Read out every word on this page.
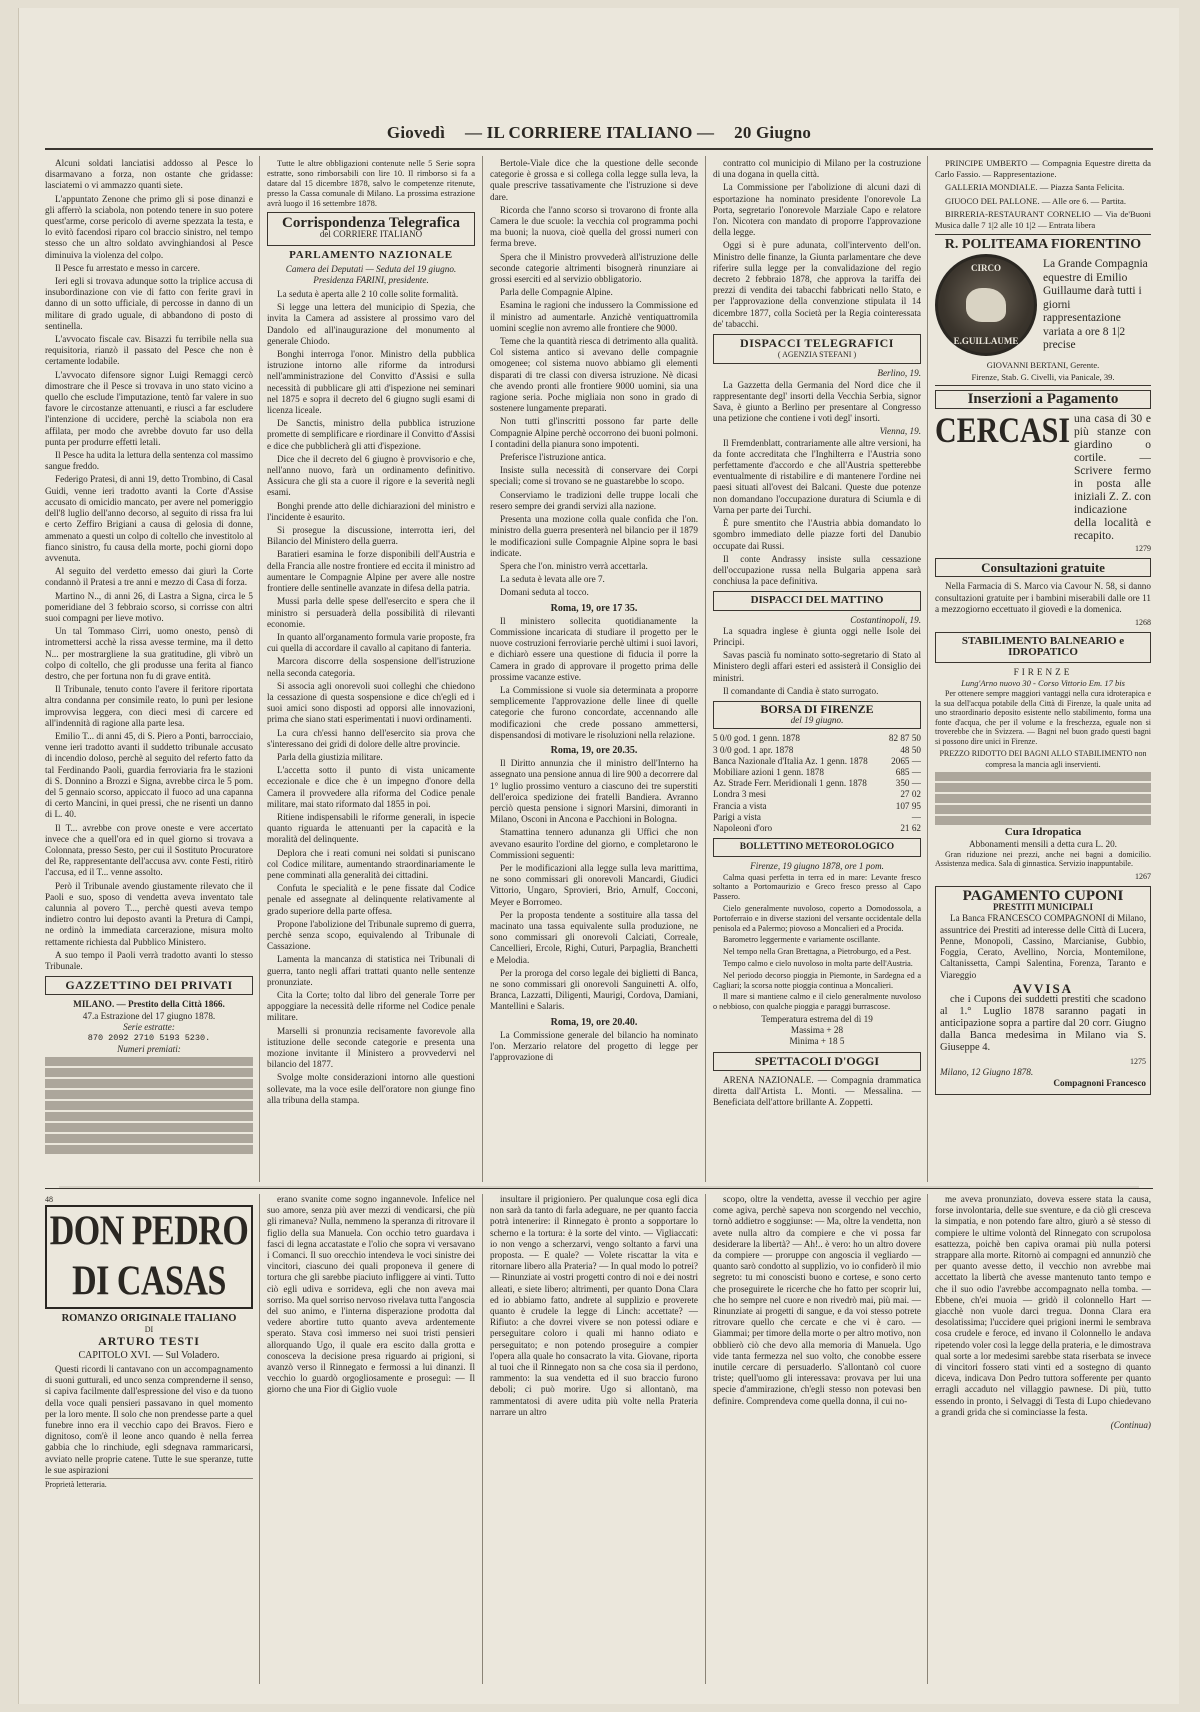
Giovedì — IL CORRIERE ITALIANO — 20 Giugno

Alcuni soldati lanciatisi addosso al Pesce lo disarmavano a forza, non ostante che gridasse: lasciatemi o vi ammazzo quanti siete.

L'appuntato Zenone che primo gli si pose dinanzi e gli afferrò la sciabola, non potendo tenere in suo potere quest'arme, corse pericolo di averne spezzata la testa, e lo evitò facendosi riparo col braccio sinistro, nel tempo stesso che un altro soldato avvinghiandosi al Pesce diminuiva la violenza del colpo.

Il Pesce fu arrestato e messo in carcere.

Ieri egli si trovava adunque sotto la triplice accusa di insubordinazione con vie di fatto con ferite gravi in danno di un sotto ufficiale, di percosse in danno di un militare di grado uguale, di abbandono di posto di sentinella.

L'avvocato fiscale cav. Bisazzi fu terribile nella sua requisitoria, rianzò il passato del Pesce che non è certamente lodabile.

L'avvocato difensore signor Luigi Remaggi cercò dimostrare che il Pesce si trovava in uno stato vicino a quello che esclude l'imputazione, tentò far valere in suo favore le circostanze attenuanti, e riuscì a far escludere l'intenzione di uccidere, perchè la sciabola non era affilata, per modo che avrebbe dovuto far uso della punta per produrre effetti letali.

Il Pesce ha udita la lettura della sentenza col massimo sangue freddo.

Federigo Pratesi, di anni 19, detto Trombino, di Casal Guidi, venne ieri tradotto avanti la Corte d'Assise accusato di omicidio mancato, per avere nel pomeriggio dell'8 luglio dell'anno decorso, al seguito di rissa fra lui e certo Zeffiro Brigiani a causa di gelosia di donne, ammenato a questi un colpo di coltello che investitolo al fianco sinistro, fu causa della morte, pochi giorni dopo avvenuta.

Al seguito del verdetto emesso dai giurì la Corte condannò il Pratesi a tre anni e mezzo di Casa di forza.

Martino N.., di anni 26, di Lastra a Signa, circa le 5 pomeridiane del 3 febbraio scorso, si corrisse con altri suoi compagni per lieve motivo.

Un tal Tommaso Cirri, uomo onesto, pensò di intromettersi acchè la rissa avesse termine, ma il detto N... per mostrargliene la sua gratitudine, gli vibrò un colpo di coltello, che gli produsse una ferita al fianco destro, che per fortuna non fu di grave entità.

Il Tribunale, tenuto conto l'avere il feritore riportata altra condanna per consimile reato, lo punì per lesione improvvisa leggera, con dieci mesi di carcere ed all'indennità di ragione alla parte lesa.

Emilio T... di anni 45, di S. Piero a Ponti, barrocciaio, venne ieri tradotto avanti il suddetto tribunale accusato di incendio doloso, perchè al seguito del referto fatto da tal Ferdinando Paoli, guardia ferroviaria fra le stazioni di S. Donnino a Brozzi e Signa, avrebbe circa le 5 pom. del 5 gennaio scorso, appiccato il fuoco ad una capanna di certo Mancini, in quei pressi, che ne risentì un danno di L. 40.

Il T... avrebbe con prove oneste e vere accertato invece che a quell'ora ed in quel giorno si trovava a Colonnata, presso Sesto, per cui il Sostituto Procuratore del Re, rappresentante dell'accusa avv. conte Festi, ritirò l'accusa, ed il T... venne assolto.

Però il Tribunale avendo giustamente rilevato che il Paoli e suo, sposo di vendetta aveva inventato tale calunnia al povero T..., perchè questi aveva tempo indietro contro lui deposto avanti la Pretura di Campi, ne ordinò la immediata carcerazione, misura molto rettamente richiesta dal Pubblico Ministero.

A suo tempo il Paoli verrà tradotto avanti lo stesso Tribunale.

GAZZETTINO DEI PRIVATI
MILANO. — Prestito della Città 1866.
47.a Estrazione del 17 giugno 1878.
Serie estratte:
870 2092 2710 5193 5230.
Numeri premiati:

Tutte le altre obbligazioni contenute nelle 5 Serie sopra estratte, sono rimborsabili con lire 10. Il rimborso si fa a datare dal 15 dicembre 1878, salvo le competenze ritenute, presso la Cassa comunale di Milano. La prossima estrazione avrà luogo il 16 settembre 1878.

Corrispondenza Telegrafica
del CORRIERE ITALIANO
PARLAMENTO NAZIONALE
Camera dei Deputati — Seduta del 19 giugno.
Presidenza FARINI, presidente.

La seduta è aperta alle 2 10 colle solite formalità.

Si legge una lettera del municipio di Spezia, che invita la Camera ad assistere al prossimo varo del Dandolo ed all'inaugurazione del monumento al generale Chiodo.

Bonghi interroga l'onor. Ministro della pubblica istruzione intorno alle riforme da introdursi nell'amministrazione del Convitto d'Assisi e sulla necessità di pubblicare gli atti d'ispezione nei seminari nel 1875 e sopra il decreto del 6 giugno sugli esami di licenza liceale.

De Sanctis, ministro della pubblica istruzione promette di semplificare e riordinare il Convitto d'Assisi e dice che pubblicherà gli atti d'ispezione.

Dice che il decreto del 6 giugno è provvisorio e che, nell'anno nuovo, farà un ordinamento definitivo. Assicura che gli sta a cuore il rigore e la severità negli esami.

Bonghi prende atto delle dichiarazioni del ministro e l'incidente è esaurito.

Si prosegue la discussione, interrotta ieri, del Bilancio del Ministero della guerra.

Baratieri esamina le forze disponibili dell'Austria e della Francia alle nostre frontiere ed eccita il ministro ad aumentare le Compagnie Alpine per avere alle nostre frontiere delle sentinelle avanzate in difesa della patria.

Mussi parla delle spese dell'esercito e spera che il ministro si persuaderà della possibilità di rilevanti economie.

In quanto all'organamento formula varie proposte, fra cui quella di accordare il cavallo al capitano di fanteria.

Marcora discorre della sospensione dell'istruzione nella seconda categoria.

Si associa agli onorevoli suoi colleghi che chiedono la cessazione di questa sospensione e dice ch'egli ed i suoi amici sono disposti ad opporsi alle innovazioni, prima che siano stati esperimentati i nuovi ordinamenti.

La cura ch'essi hanno dell'esercito sia prova che s'interessano dei gridi di dolore delle altre provincie.

Parla della giustizia militare.

L'accetta sotto il punto di vista unicamente eccezionale e dice che è un impegno d'onore della Camera il provvedere alla riforma del Codice penale militare, mai stato riformato dal 1855 in poi.

Ritiene indispensabili le riforme generali, in ispecie quanto riguarda le attenuanti per la capacità e la moralità del delinquente.

Deplora che i reati comuni nei soldati si puniscano col Codice militare, aumentando straordinariamente le pene comminati alla generalità dei cittadini.

Confuta le specialità e le pene fissate dal Codice penale ed assegnate al delinquente relativamente al grado superiore della parte offesa.

Propone l'abolizione del Tribunale supremo di guerra, perchè senza scopo, equivalendo al Tribunale di Cassazione.

Lamenta la mancanza di statistica nei Tribunali di guerra, tanto negli affari trattati quanto nelle sentenze pronunziate.

Cita la Corte; tolto dal libro del generale Torre per appoggiare la necessità delle riforme nel Codice penale militare.

Marselli si pronunzia recisamente favorevole alla istituzione delle seconde categorie e presenta una mozione invitante il Ministero a provvedervi nel bilancio del 1877.

Svolge molte considerazioni intorno alle questioni sollevate, ma la voce esile dell'oratore non giunge fino alla tribuna della stampa.

Bertole-Viale dice che la questione delle seconde categorie è grossa e si collega colla legge sulla leva, la quale prescrive tassativamente che l'istruzione si deve dare.

Ricorda che l'anno scorso si trovarono di fronte alla Camera le due scuole: la vecchia col programma pochi ma buoni; la nuova, cioè quella del grossi numeri con ferma breve.

Spera che il Ministro provvederà all'istruzione delle seconde categorie altrimenti bisognerà rinunziare ai grossi eserciti ed al servizio obbligatorio.

Parla delle Compagnie Alpine.

Esamina le ragioni che indussero la Commissione ed il ministro ad aumentarle. Anzichè ventiquattromila uomini sceglie non avremo alle frontiere che 9000.

Teme che la quantità riesca di detrimento alla qualità. Col sistema antico si avevano delle compagnie omogenee; col sistema nuovo abbiamo gli elementi disparati di tre classi con diversa istruzione. Nè dicasi che avendo pronti alle frontiere 9000 uomini, sia una ragione seria. Poche migliaia non sono in grado di sostenere lungamente preparati.

Non tutti gl'inscritti possono far parte delle Compagnie Alpine perchè occorrono dei buoni polmoni. I contadini della pianura sono impotenti.

Preferisce l'istruzione antica.

Insiste sulla necessità di conservare dei Corpi speciali; come si trovano se ne guastarebbe lo scopo.

Conserviamo le tradizioni delle truppe locali che resero sempre dei grandi servizi alla nazione.

Presenta una mozione colla quale confida che l'on. ministro della guerra presenterà nel bilancio per il 1879 le modificazioni sulle Compagnie Alpine sopra le basi indicate.

Spera che l'on. ministro verrà accettarla.

La seduta è levata alle ore 7.

Domani seduta al tocco.

Roma, 19, ore 17 35.

Il ministero sollecita quotidianamente la Commissione incaricata di studiare il progetto per le nuove costruzioni ferroviarie perchè ultimi i suoi lavori, e dichiarò essere una questione di fiducia il porre la Camera in grado di approvare il progetto prima delle prossime vacanze estive.

La Commissione si vuole sia determinata a proporre semplicemente l'approvazione delle linee di quelle categorie che furono concordate, accennando alle modificazioni che crede possano ammettersi, dispensandosi di motivare le risoluzioni nella relazione.

Roma, 19, ore 20.35.

Il Diritto annunzia che il ministro dell'Interno ha assegnato una pensione annua di lire 900 a decorrere dal 1° luglio prossimo venturo a ciascuno dei tre superstiti dell'eroica spedizione dei fratelli Bandiera. Avranno perciò questa pensione i signori Marsini, dimoranti in Milano, Osconi in Ancona e Pacchioni in Bologna.

Stamattina tennero adunanza gli Uffici che non avevano esaurito l'ordine del giorno, e completarono le Commissioni seguenti:

Per le modificazioni alla legge sulla leva marittima, ne sono commissari gli onorevoli Mancardi, Giudici Vittorio, Ungaro, Sprovieri, Brio, Arnulf, Cocconi, Meyer e Borromeo.

Per la proposta tendente a sostituire alla tassa del macinato una tassa equivalente sulla produzione, ne sono commissari gli onorevoli Calciati, Correale, Cancellieri, Ercole, Righi, Cuturi, Parpaglia, Branchetti e Melodia.

Per la proroga del corso legale dei biglietti di Banca, ne sono commissari gli onorevoli Sanguinetti A. olfo, Branca, Lazzatti, Diligenti, Maurigi, Cordova, Damiani, Mantellini e Salaris.

Roma, 19, ore 20.40.

La Commissione generale del bilancio ha nominato l'on. Merzario relatore del progetto di legge per l'approvazione di

contratto col municipio di Milano per la costruzione di una dogana in quella città.

La Commissione per l'abolizione di alcuni dazi di esportazione ha nominato presidente l'onorevole La Porta, segretario l'onorevole Marziale Capo e relatore l'on. Nicotera con mandato di proporre l'approvazione della legge.

Oggi si è pure adunata, coll'intervento dell'on. Ministro delle finanze, la Giunta parlamentare che deve riferire sulla legge per la convalidazione del regio decreto 2 febbraio 1878, che approva la tariffa dei prezzi di vendita dei tabacchi fabbricati nello Stato, e per l'approvazione della convenzione stipulata il 14 dicembre 1877, colla Società per la Regia cointeressata de' tabacchi.

DISPACCI TELEGRAFICI
( AGENZIA STEFANI )
Berlino, 19.

La Gazzetta della Germania del Nord dice che il rappresentante degl' insorti della Vecchia Serbia, signor Sava, è giunto a Berlino per presentare al Congresso una petizione che contiene i voti degl' insorti.

Vienna, 19.

Il Fremdenblatt, contrariamente alle altre versioni, ha da fonte accreditata che l'Inghilterra e l'Austria sono perfettamente d'accordo e che all'Austria spetterebbe eventualmente di ristabilire e di mantenere l'ordine nei paesi situati all'ovest dei Balcani. Queste due potenze non domandano l'occupazione duratura di Sciumla e di Varna per parte dei Turchi.

È pure smentito che l'Austria abbia domandato lo sgombro immediato delle piazze forti del Danubio occupate dai Russi.

Il conte Andrassy insiste sulla cessazione dell'occupazione russa nella Bulgaria appena sarà conchiusa la pace definitiva.

DISPACCI DEL MATTINO
Costantinopoli, 19.

La squadra inglese è giunta oggi nelle Isole dei Principi.

Savas pascià fu nominato sotto-segretario di Stato al Ministero degli affari esteri ed assisterà il Consiglio dei ministri.

Il comandante di Candia è stato surrogato.

BORSA DI FIRENZE
del 19 giugno.
5 0/0 god. 1 genn. 1878	82 87 50
3 0/0 god. 1 apr. 1878	48 50
Banca Nazionale d'Italia Az. 1 genn. 1878	2065 —
Mobiliare azioni 1 genn. 1878	685 —
Az. Strade Ferr. Meridionali 1 genn. 1878	350 —
Londra 3 mesi	27 02
Francia a vista	107 95
Parigi a vista	—
Napoleoni d'oro	21 62
BOLLETTINO METEOROLOGICO
Firenze, 19 giugno 1878, ore 1 pom.

Calma quasi perfetta in terra ed in mare: Levante fresco soltanto a Portomaurizio e Greco fresco presso al Capo Passero.

Cielo generalmente nuvoloso, coperto a Domodossola, a Portoferraio e in diverse stazioni del versante occidentale della penisola ed a Palermo; piovoso a Moncalieri ed a Procida.

Barometro leggermente e variamente oscillante.

Nel tempo nella Gran Brettagna, a Pietroburgo, ed a Pest.

Tempo calmo e cielo nuvoloso in molta parte dell'Austria.

Nel periodo decorso pioggia in Piemonte, in Sardegna ed a Cagliari; la scorsa notte pioggia continua a Moncalieri.

Il mare si mantiene calmo e il cielo generalmente nuvoloso o nebbioso, con qualche pioggia e paraggi burrascose.

Temperatura estrema del dì 19
Massima + 28
Minima + 18 5
SPETTACOLI D'OGGI

ARENA NAZIONALE. — Compagnia drammatica diretta dall'Artista L. Monti. — Messalina. — Beneficiata dell'attore brillante A. Zoppetti.

PRINCIPE UMBERTO — Compagnia Equestre diretta da Carlo Fassio. — Rappresentazione.

GALLERIA MONDIALE. — Piazza Santa Felicita.

GIUOCO DEL PALLONE. — Alle ore 6. — Partita.

BIRRERIA-RESTAURANT CORNELIO — Via de'Buoni Musica dalle 7 1|2 alle 10 1|2 — Entrata libera

R. POLITEAMA FIORENTINO
CIRCO
E.GUILLAUME
La Grande Compagnia equestre di Emilio Guillaume darà tutti i giorni rappresentazione variata a ore 8 1|2 precise
GIOVANNI BERTANI, Gerente.
Firenze, Stab. G. Civelli, via Panicale, 39.
Inserzioni a Pagamento
CERCASI una casa di 30 e più stanze con giardino o cortile. — Scrivere fermo in posta alle iniziali Z. Z. con indicazione della località e recapito.
1279
Consultazioni gratuite

Nella Farmacia di S. Marco via Cavour N. 58, si danno consultazioni gratuite per i bambini miserabili dalle ore 11 a mezzogiorno eccettuato il giovedì e la domenica.

1268
STABILIMENTO BALNEARIO e IDROPATICO
FIRENZE
Lung'Arno nuovo 30 - Corso Vittorio Em. 17 bis

Per ottenere sempre maggiori vantaggi nella cura idroterapica e la sua dell'acqua potabile della Città di Firenze, la quale unita ad uno straordinario deposito esistente nello stabilimento, forma una fonte d'acqua, che per il volume e la freschezza, eguale non si troverebbe che in Svizzera. — Bagni nel buon grado questi bagni si possono dire unici in Firenze.

PREZZO RIDOTTO DEI BAGNI ALLO STABILIMENTO non compresa la mancia agli inservienti.
Cura Idropatica
Abbonamenti mensili a detta cura L. 20.

Gran riduzione nei prezzi, anche nei bagni a domicilio. Assistenza medica. Sala di ginnastica. Servizio inappuntabile.

1267
PAGAMENTO CUPONI
PRESTITI MUNICIPALI

La Banca FRANCESCO COMPAGNONI di Milano, assuntrice dei Prestiti ad interesse delle Città di Lucera, Penne, Monopoli, Cassino, Marcianise, Gubbio, Foggia, Cerato, Avellino, Norcia, Montemilone, Caltanissetta, Campi Salentina, Forenza, Taranto e Viareggio

AVVISA

che i Cupons dei suddetti prestiti che scadono al 1.° Luglio 1878 saranno pagati in anticipazione sopra a partire dal 20 corr. Giugno dalla Banca medesima in Milano via S. Giuseppe 4.

1275
Milano, 12 Giugno 1878.
Compagnoni Francesco
48
DON PEDRO DI CASAS
ROMANZO ORIGINALE ITALIANO
DI
ARTURO TESTI
CAPITOLO XVI. — Sul Voladero.

Questi ricordi li cantavano con un accompagnamento di suoni gutturali, ed unco senza comprenderne il senso, si capiva facilmente dall'espressione del viso e da tuono della voce quali pensieri passavano in quel momento per la loro mente. Il solo che non prendesse parte a quel funebre inno era il vecchio capo dei Bravos. Fiero e dignitoso, com'è il leone anco quando è nella ferrea gabbia che lo rinchiude, egli sdegnava rammaricarsi, avviato nelle proprie catene. Tutte le sue speranze, tutte le sue aspirazioni

Proprietà letteraria.

erano svanite come sogno ingannevole. Infelice nel suo amore, senza più aver mezzi di vendicarsi, che più gli rimaneva? Nulla, nemmeno la speranza di ritrovare il figlio della sua Manuela. Con occhio tetro guardava i fasci di legna accatastate e l'olio che sopra vi versavano i Comanci. Il suo orecchio intendeva le voci sinistre dei vincitori, ciascuno dei quali proponeva il genere di tortura che gli sarebbe piaciuto infliggere ai vinti. Tutto ciò egli udiva e sorrideva, egli che non aveva mai sorriso. Ma quel sorriso nervoso rivelava tutta l'angoscia del suo animo, e l'interna disperazione prodotta dal vedere abortire tutto quanto aveva ardentemente sperato. Stava così immerso nei suoi tristi pensieri allorquando Ugo, il quale era escito dalla grotta e conosceva la decisione presa riguardo ai prigioni, si avanzò verso il Rinnegato e fermossi a lui dinanzi. Il vecchio lo guardò orgogliosamente e proseguì: — Il giorno che una Fior di Giglio vuole

insultare il prigioniero. Per qualunque cosa egli dica non sarà da tanto di farla adeguare, ne per quanto faccia potrà intenerire: il Rinnegato è pronto a sopportare lo scherno e la tortura: è la sorte del vinto. — Vigliaccati: io non vengo a scherzarvi, vengo soltanto a farvi una proposta. — E quale? — Volete riscattar la vita e ritornare libero alla Prateria? — In qual modo lo potrei? — Rinunziate ai vostri progetti contro di noi e dei nostri alleati, e siete libero; altrimenti, per quanto Dona Clara ed io abbiamo fatto, andrete al supplizio e proverete quanto è crudele la legge di Linch: accettate? — Rifiuto: a che dovrei vivere se non potessi odiare e perseguitare coloro i quali mi hanno odiato e perseguitato; e non potendo proseguire a compier l'opera alla quale ho consacrato la vita. Giovane, riporta al tuoi che il Rinnegato non sa che cosa sia il perdono, rammento: la sua vendetta ed il suo braccio furono deboli; ci può morire. Ugo si allontanò, ma rammentatosi di avere udita più volte nella Prateria narrare un altro

scopo, oltre la vendetta, avesse il vecchio per agire come agiva, perchè sapeva non scorgendo nel vecchio, tornò addietro e soggiunse: — Ma, oltre la vendetta, non avete nulla altro da compiere e che vi possa far desiderare la libertà? — Ah!.. è vero: ho un altro dovere da compiere — proruppe con angoscia il vegliardo — quanto sarò condotto al supplizio, vo io confiderò il mio segreto: tu mi conoscisti buono e cortese, e sono certo che proseguirete le ricerche che ho fatto per scoprir lui, che ho sempre nel cuore e non rivedrò mai, più mai. — Rinunziate ai progetti di sangue, e da voi stesso potrete ritrovare quello che cercate e che vi è caro. — Giammai; per timore della morte o per altro motivo, non obblierò ciò che devo alla memoria di Manuela. Ugo vide tanta fermezza nel suo volto, che conobbe essere inutile cercare di persuaderlo. S'allontanò col cuore triste; quell'uomo gli interessava: provava per lui una specie d'ammirazione, ch'egli stesso non potevasi ben definire. Comprendeva come quella donna, il cui no-

me aveva pronunziato, doveva essere stata la causa, forse involontaria, delle sue sventure, e da ciò gli cresceva la simpatia, e non potendo fare altro, giurò a sè stesso di compiere le ultime volontà del Rinnegato con scrupolosa esattezza, poichè ben capiva oramai più nulla potersi strappare alla morte. Ritornò ai compagni ed annunziò che per quanto avesse detto, il vecchio non avrebbe mai accettato la libertà che avesse mantenuto tanto tempo e che il suo odio l'avrebbe accompagnato nella tomba. — Ebbene, ch'ei muoia — gridò il colonnello Hart — giacchè non vuole darci tregua. Donna Clara era desolatissima; l'uccidere quei prigioni inermi le sembrava cosa crudele e feroce, ed invano il Colonnello le andava ripetendo voler così la legge della prateria, e le dimostrava qual sorte a lor medesimi sarebbe stata riserbata se invece di vincitori fossero stati vinti ed a sostegno di quanto diceva, indicava Don Pedro tuttora sofferente per quanto erragli accaduto nel villaggio pawnese. Di più, tutto essendo in pronto, i Selvaggi di Testa di Lupo chiedevano a grandi grida che si cominciasse la festa.

(Continua)
